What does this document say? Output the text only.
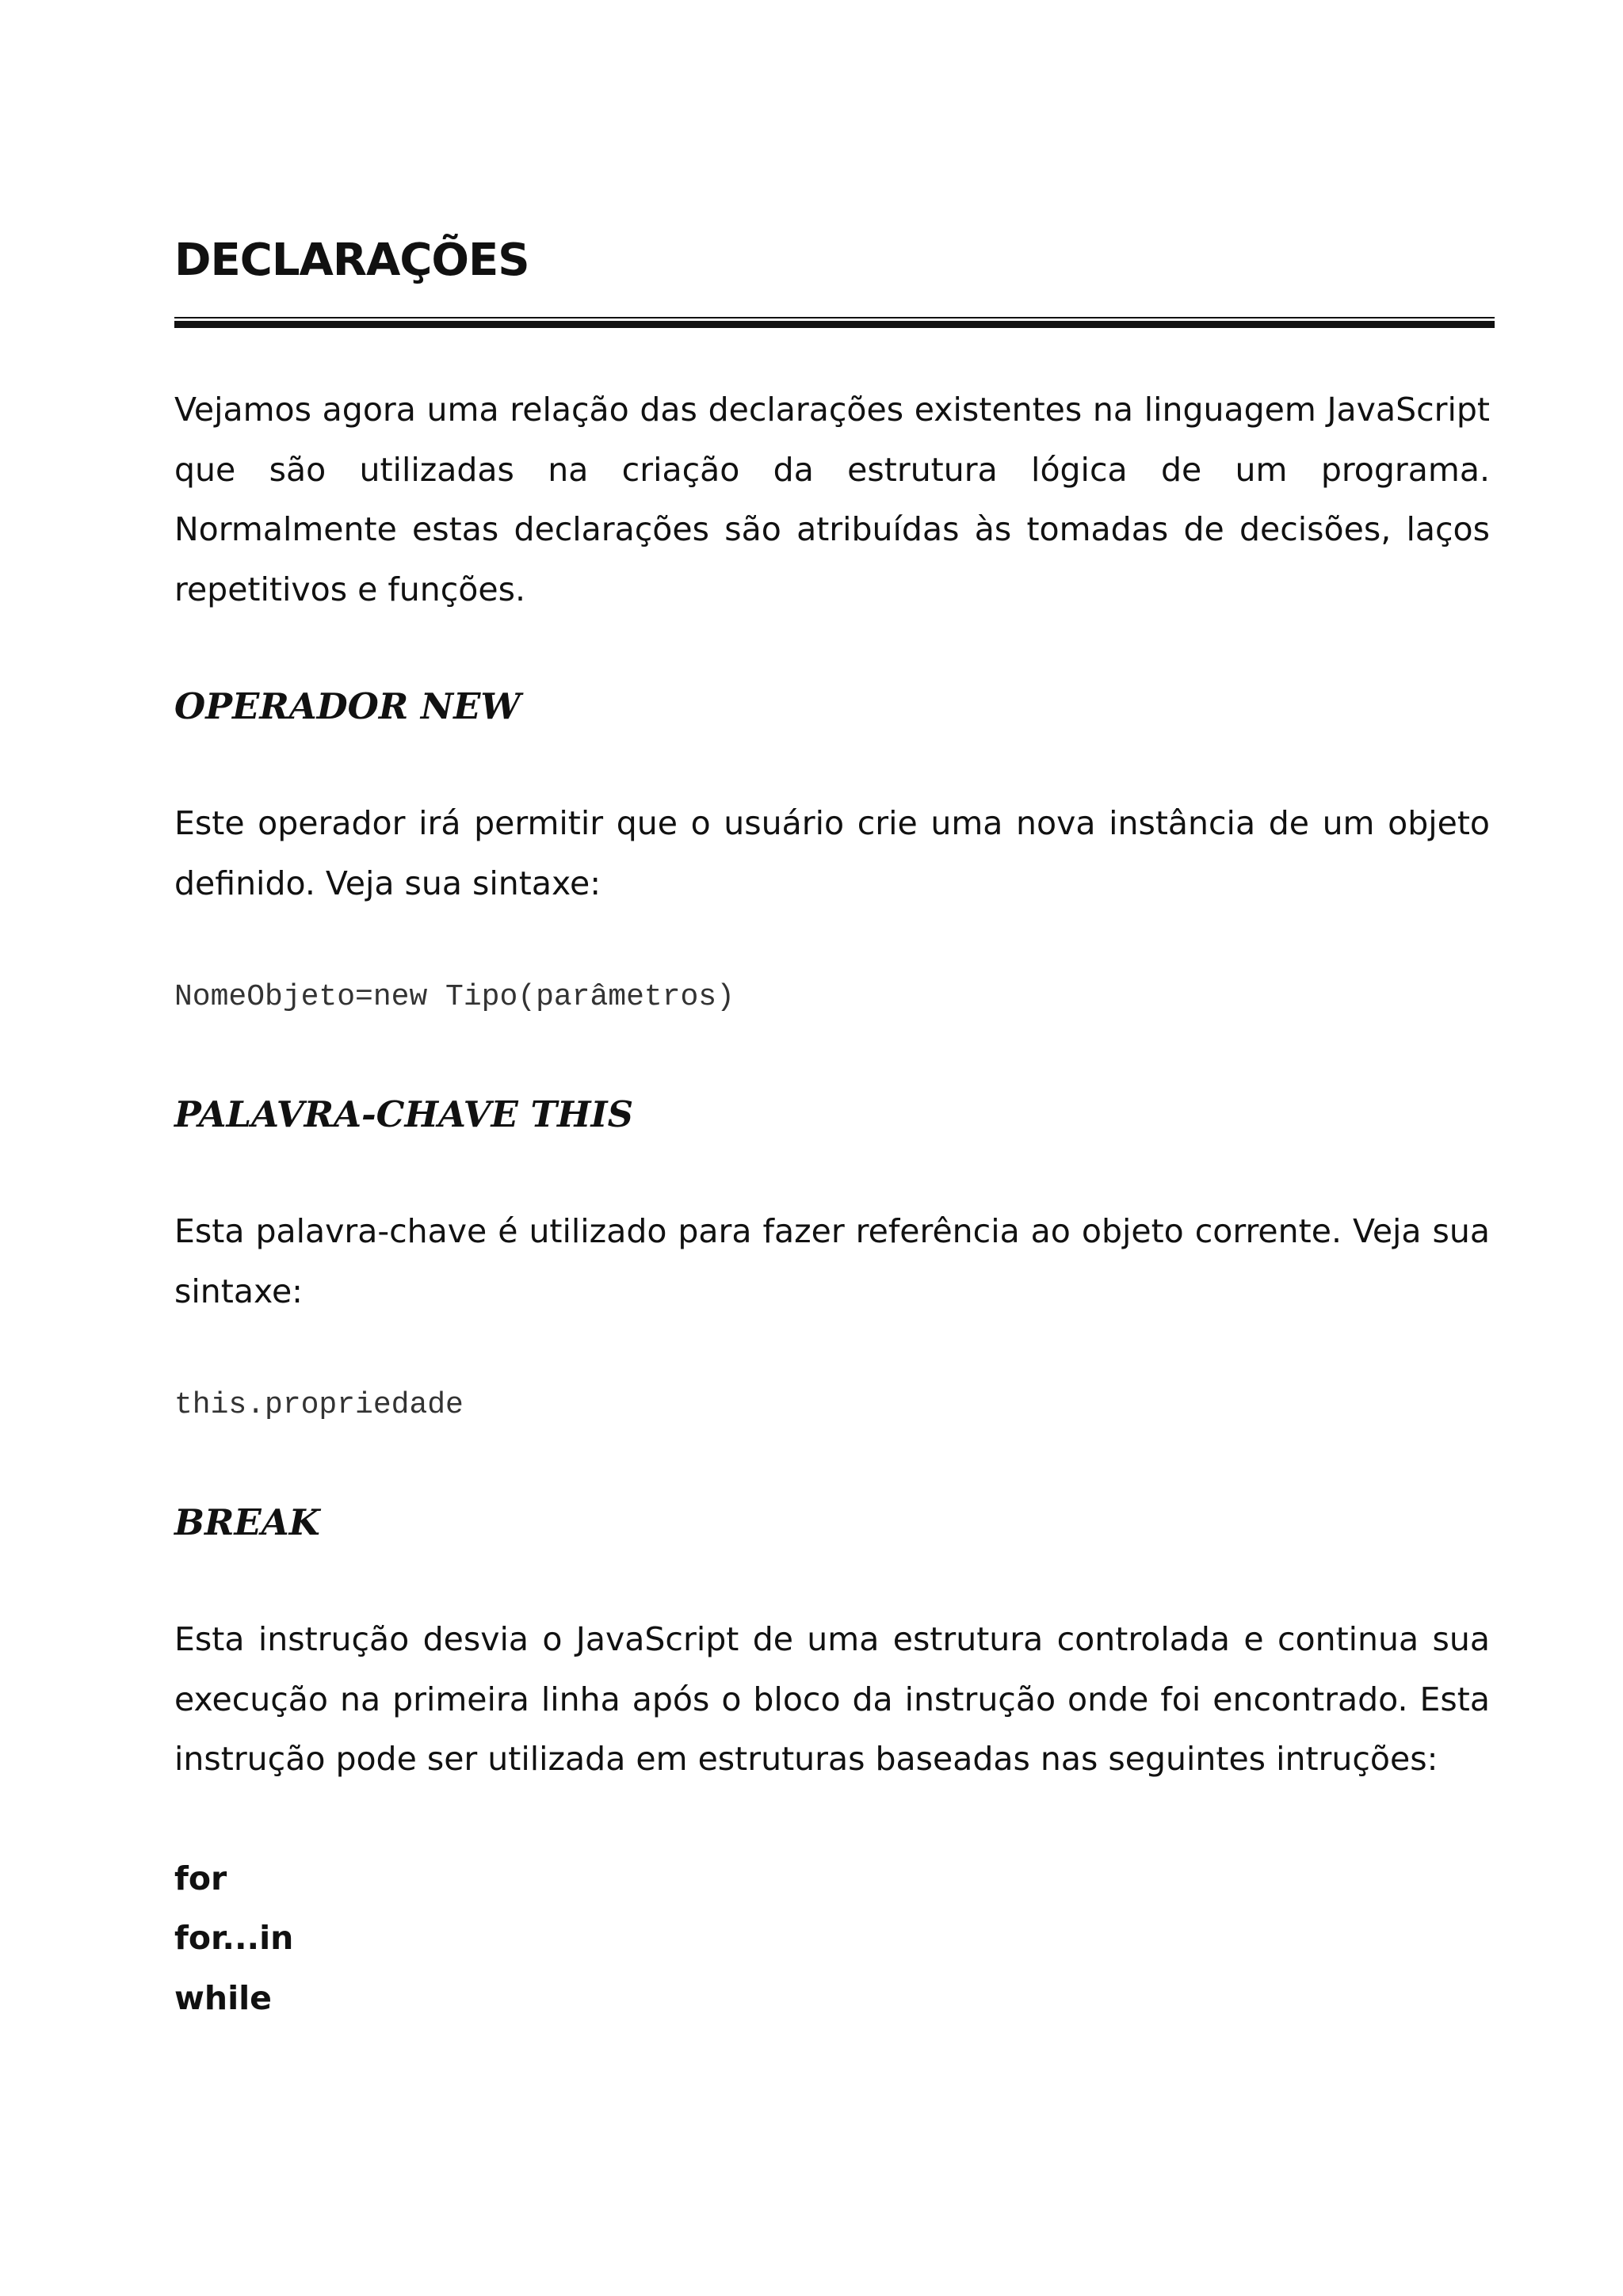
DECLARAÇÕES

Vejamos agora uma relação das declarações existentes na linguagem JavaScript que são utilizadas na criação da estrutura lógica de um programa. Normalmente estas declarações são atribuídas às tomadas de decisões, laços repetitivos e funções.

OPERADOR NEW

Este operador irá permitir que o usuário crie uma nova instância de um objeto definido. Veja sua sintaxe:

NomeObjeto=new Tipo(parâmetros)

PALAVRA-CHAVE THIS

Esta palavra-chave é utilizado para fazer referência ao objeto corrente. Veja sua sintaxe:

this.propriedade

BREAK

Esta instrução desvia o JavaScript de uma estrutura controlada e continua sua execução na primeira linha após o bloco da instrução onde foi encontrado. Esta instrução pode ser utilizada em estruturas baseadas nas seguintes intruções:

for
for...in
while
